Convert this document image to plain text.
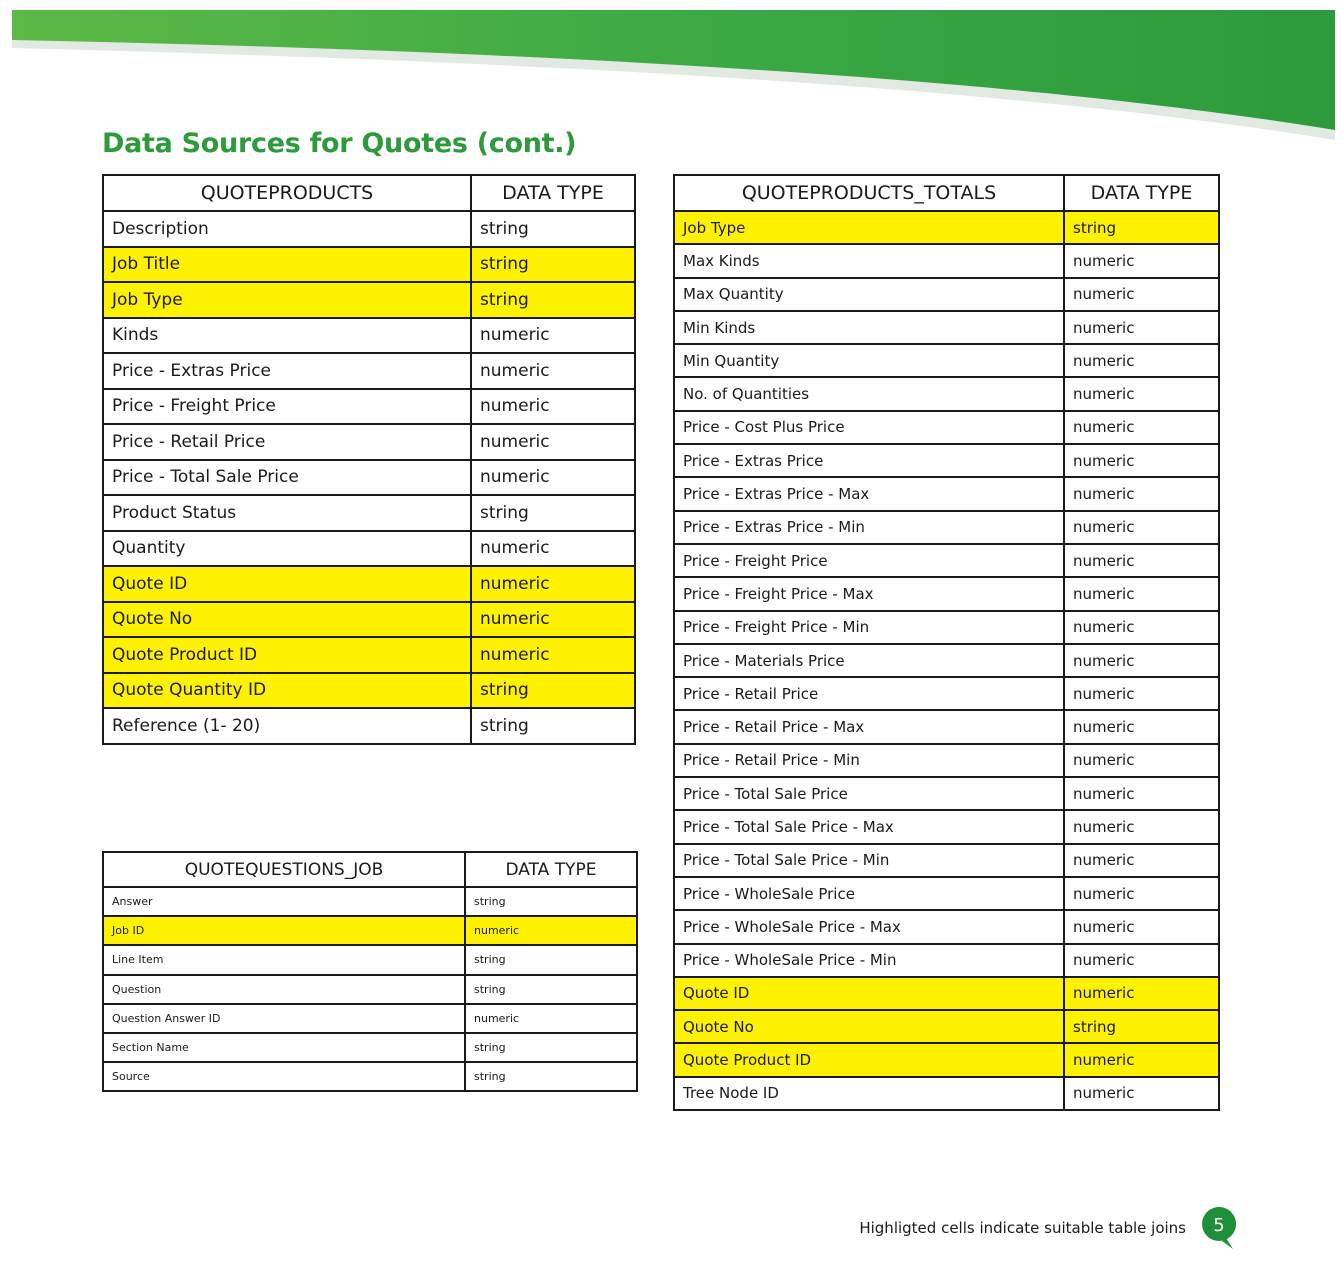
Data Sources for Quotes (cont.)
QUOTEPRODUCTS	DATA TYPE
Description	string
Job Title	string
Job Type	string
Kinds	numeric
Price - Extras Price	numeric
Price - Freight Price	numeric
Price - Retail Price	numeric
Price - Total Sale Price	numeric
Product Status	string
Quantity	numeric
Quote ID	numeric
Quote No	numeric
Quote Product ID	numeric
Quote Quantity ID	string
Reference (1- 20)	string
QUOTEPRODUCTS_TOTALS	DATA TYPE
Job Type	string
Max Kinds	numeric
Max Quantity	numeric
Min Kinds	numeric
Min Quantity	numeric
No. of Quantities	numeric
Price - Cost Plus Price	numeric
Price - Extras Price	numeric
Price - Extras Price - Max	numeric
Price - Extras Price - Min	numeric
Price - Freight Price	numeric
Price - Freight Price - Max	numeric
Price - Freight Price - Min	numeric
Price - Materials Price	numeric
Price - Retail Price	numeric
Price - Retail Price - Max	numeric
Price - Retail Price - Min	numeric
Price - Total Sale Price	numeric
Price - Total Sale Price - Max	numeric
Price - Total Sale Price - Min	numeric
Price - WholeSale Price	numeric
Price - WholeSale Price - Max	numeric
Price - WholeSale Price - Min	numeric
Quote ID	numeric
Quote No	string
Quote Product ID	numeric
Tree Node ID	numeric
QUOTEQUESTIONS_JOB	DATA TYPE
Answer	string
Job ID	numeric
Line Item	string
Question	string
Question Answer ID	numeric
Section Name	string
Source	string
Highligted cells indicate suitable table joins	5
